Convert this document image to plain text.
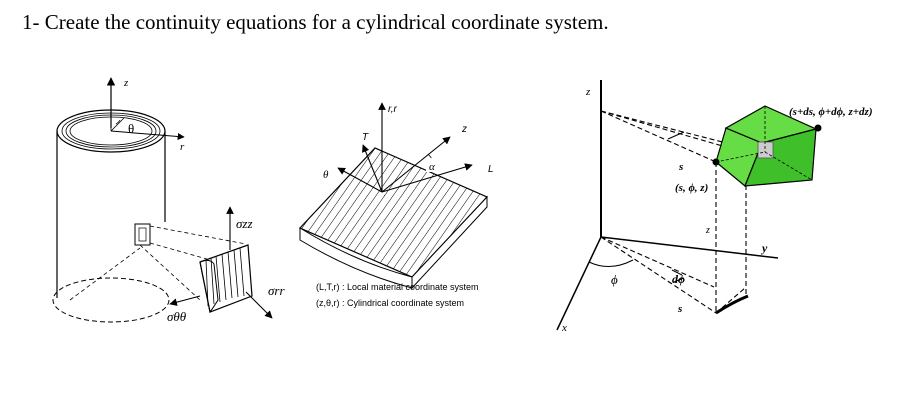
1- Create the continuity equations for a cylindrical coordinate system.
z
θ
r
σzz
σrr
σθθ
r,r
T
z
θ	L
α
(L,T,r) : Local material coordinate system
(z,θ,r) : Cylindrical coordinate system
z
y
x
ϕ	dϕ
s
s
z
(s, ϕ, z)
(s+ds, ϕ+dϕ, z+dz)
